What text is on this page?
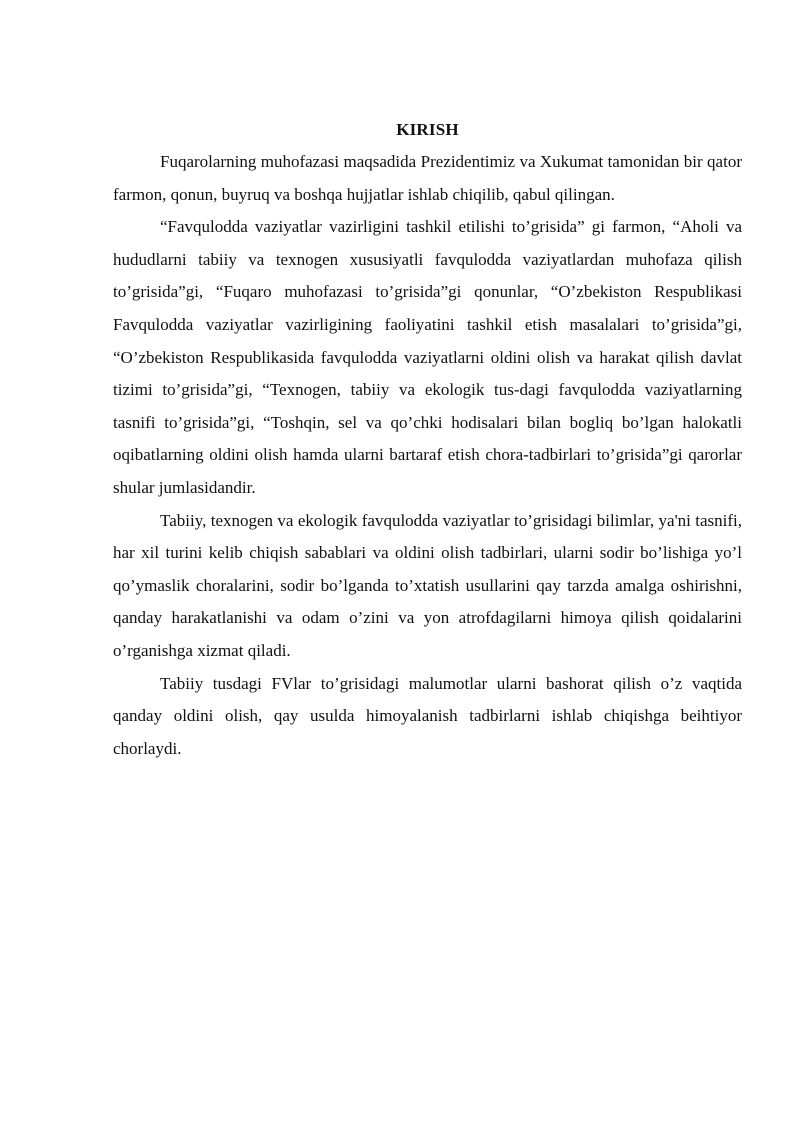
KIRISH

Fuqarolarning muhofazasi maqsadida Prezidentimiz va Xukumat tamonidan bir qator farmon, qonun, buyruq va boshqa hujjatlar ishlab chiqilib, qabul qilingan.

“Favqulodda vaziyatlar vazirligini tashkil etilishi to’grisida” gi farmon, “Aholi va hududlarni tabiiy va texnogen xususiyatli favqulodda vaziyatlardan muhofaza qilish to’grisida”gi, “Fuqaro muhofazasi to’grisida”gi qonunlar, “O’zbekiston Respublikasi Favqulodda vaziyatlar vazirligining faoliyatini tashkil etish masalalari to’grisida”gi, “O’zbekiston Respublikasida favqulodda vaziyatlarni oldini olish va harakat qilish davlat tizimi to’grisida”gi, “Texnogen, tabiiy va ekologik tus-dagi favqulodda vaziyatlarning tasnifi to’grisida”gi, “Toshqin, sel va qo’chki hodisalari bilan bogliq bo’lgan halokatli oqibatlarning oldini olish hamda ularni bartaraf etish chora-tadbirlari to’grisida”gi qarorlar shular jumlasidandir.

Tabiiy, texnogen va ekologik favqulodda vaziyatlar to’grisidagi bilimlar, ya'ni tasnifi, har xil turini kelib chiqish sabablari va oldini olish tadbirlari, ularni sodir bo’lishiga yo’l qo’ymaslik choralarini, sodir bo’lganda to’xtatish usullarini qay tarzda amalga oshirishni, qanday harakatlanishi va odam o’zini va yon atrofdagilarni himoya qilish qoidalarini o’rganishga xizmat qiladi.

Tabiiy tusdagi FVlar to’grisidagi malumotlar ularni bashorat qilish o’z vaqtida qanday oldini olish, qay usulda himoyalanish tadbirlarni ishlab chiqishga beihtiyor chorlaydi.
